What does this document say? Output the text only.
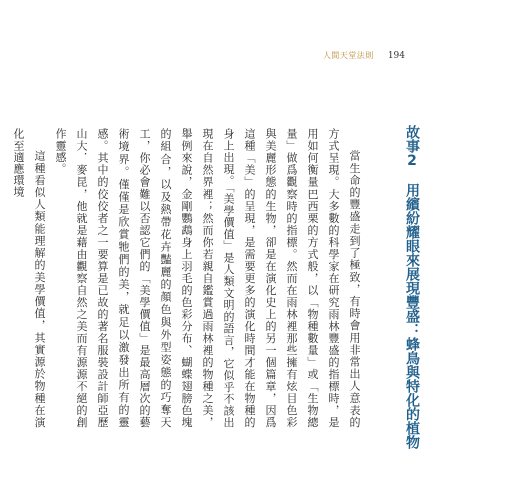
人間天堂法則 194
故事2　用繽紛耀眼來展現豐盛：蜂鳥與特化的植物

當生命的豐盛走到了極致，有時會用非常出人意表的方式呈現。大多數的科學家在研究雨林豐盛的指標時，是用如何衡量巴西栗的方式般，以「物種數量」或「生物總量」做爲觀察時的指標。然而在雨林裡那些擁有炫目色彩與美麗形態的生物，卻是在演化史上的另一個篇章，因爲這種「美」的呈現，是需要更多的演化時間才能在物種的身上出現。「美學價值」是人類文明的語言，它似乎不該出現在自然界裡；然而你若親自鑑賞過雨林裡的物種之美，舉例來說，金剛鸚鵡身上羽毛的色彩分布、蝴蝶翅膀色塊的組合，以及熱帶花卉豔麗的顏色與外型姿態的巧奪天工，你必會難以否認它們的「美學價值」是最高層次的藝術境界。僅僅是欣賞牠們的美，就足以激發出所有的靈感。其中的佼佼者之一要算是已故的著名服裝設計師亞歷山大．麥昆，他就是藉由觀察自然之美而有源源不絕的創作靈感。

這種看似人類能理解的美學價值，其實源於物種在演化至適應環境
